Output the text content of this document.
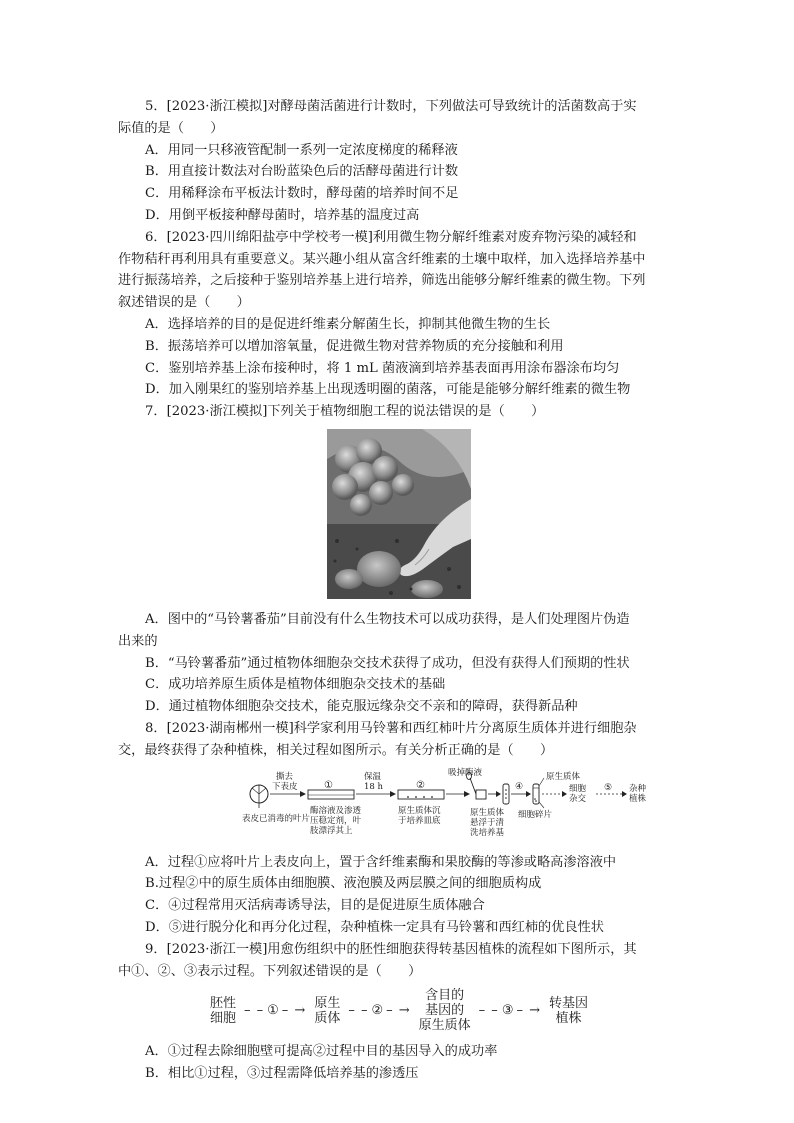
5．[2023·浙江模拟]对酵母菌活菌进行计数时，下列做法可导致统计的活菌数高于实
际值的是（　　）
A．用同一只移液管配制一系列一定浓度梯度的稀释液
B．用直接计数法对台盼蓝染色后的活酵母菌进行计数
C．用稀释涂布平板法计数时，酵母菌的培养时间不足
D．用倒平板接种酵母菌时，培养基的温度过高
6．[2023·四川绵阳盐亭中学校考一模]利用微生物分解纤维素对废弃物污染的减轻和
作物秸秆再利用具有重要意义。某兴趣小组从富含纤维素的土壤中取样，加入选择培养基中
进行振荡培养，之后接种于鉴别培养基上进行培养，筛选出能够分解纤维素的微生物。下列
叙述错误的是（　　）
A．选择培养的目的是促进纤维素分解菌生长，抑制其他微生物的生长
B．振荡培养可以增加溶氧量，促进微生物对营养物质的充分接触和利用
C．鉴别培养基上涂布接种时，将 1 mL 菌液滴到培养基表面再用涂布器涂布均匀
D．加入刚果红的鉴别培养基上出现透明圈的菌落，可能是能够分解纤维素的微生物
7．[2023·浙江模拟]下列关于植物细胞工程的说法错误的是（　　）
A．图中的“马铃薯番茄”目前没有什么生物技术可以成功获得，是人们处理图片伪造
出来的
B．“马铃薯番茄”通过植物体细胞杂交技术获得了成功，但没有获得人们预期的性状
C．成功培养原生质体是植物体细胞杂交技术的基础
D．通过植物体细胞杂交技术，能克服远缘杂交不亲和的障碍，获得新品种
8．[2023·湖南郴州一模]科学家利用马铃薯和西红柿叶片分离原生质体并进行细胞杂
交，最终获得了杂种植株，相关过程如图所示。有关分析正确的是（　　）
表皮已消毒的叶片
撕去
下表皮	①
酶溶液及渗透
压稳定剂，叶
肢漂浮其上
保温
18 h	②
原生质体沉
于培养皿底
吸掉酶液
④
原生质体
悬浮于清
洗培养基
细胞碎片
原生质体
细胞
杂交
⑤ 杂种
植株
A．过程①应将叶片上表皮向上，置于含纤维素酶和果胶酶的等渗或略高渗溶液中
B.过程②中的原生质体由细胞膜、液泡膜及两层膜之间的细胞质构成
C．④过程常用灭活病毒诱导法，目的是促进原生质体融合
D．⑤进行脱分化和再分化过程，杂种植株一定具有马铃薯和西红柿的优良性状
9．[2023·浙江一模]用愈伤组织中的胚性细胞获得转基因植株的流程如下图所示，其
中①、②、③表示过程。下列叙述错误的是（　　）
胚性
细胞 – – ① – → 原生
质体 – – ② – →
含目的
基因的
原生质体
– – ③ – → 转基因
植株
A．①过程去除细胞壁可提高②过程中目的基因导入的成功率
B．相比①过程，③过程需降低培养基的渗透压
